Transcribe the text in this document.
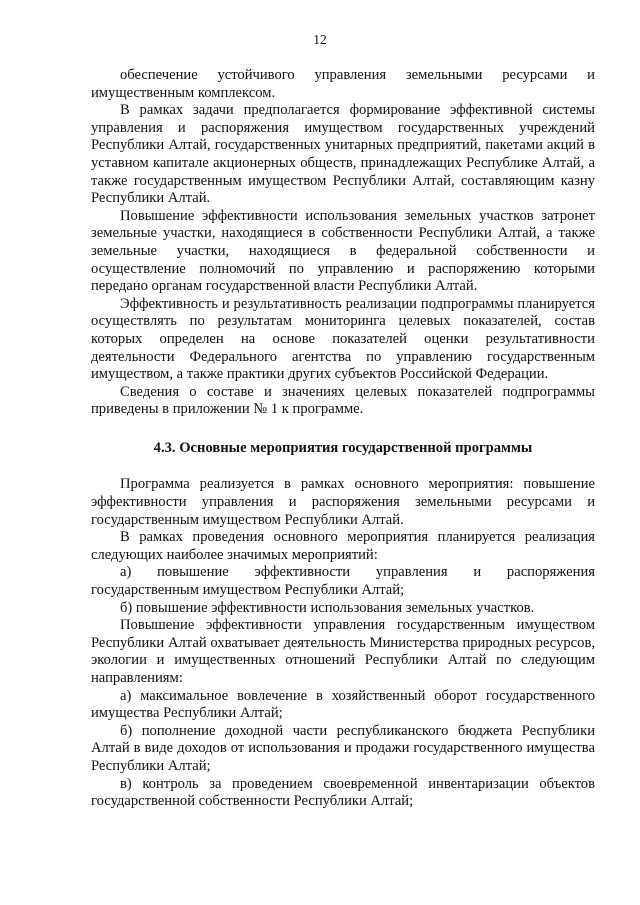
12

обеспечение устойчивого управления земельными ресурсами и имущественным комплексом.

В рамках задачи предполагается формирование эффективной системы управления и распоряжения имуществом государственных учреждений Республики Алтай, государственных унитарных предприятий, пакетами акций в уставном капитале акционерных обществ, принадлежащих Республике Алтай, а также государственным имуществом Республики Алтай, составляющим казну Республики Алтай.

Повышение эффективности использования земельных участков затронет земельные участки, находящиеся в собственности Республики Алтай, а также земельные участки, находящиеся в федеральной собственности и осуществление полномочий по управлению и распоряжению которыми передано органам государственной власти Республики Алтай.

Эффективность и результативность реализации подпрограммы планируется осуществлять по результатам мониторинга целевых показателей, состав которых определен на основе показателей оценки результативности деятельности Федерального агентства по управлению государственным имуществом, а также практики других субъектов Российской Федерации.

Сведения о составе и значениях целевых показателей подпрограммы приведены в приложении № 1 к программе.

4.3. Основные мероприятия государственной программы

Программа реализуется в рамках основного мероприятия: повышение эффективности управления и распоряжения земельными ресурсами и государственным имуществом Республики Алтай.

В рамках проведения основного мероприятия планируется реализация следующих наиболее значимых мероприятий:

а) повышение эффективности управления и распоряжения государственным имуществом Республики Алтай;

б) повышение эффективности использования земельных участков.

Повышение эффективности управления государственным имуществом Республики Алтай охватывает деятельность Министерства природных ресурсов, экологии и имущественных отношений Республики Алтай по следующим направлениям:

а) максимальное вовлечение в хозяйственный оборот государственного имущества Республики Алтай;

б) пополнение доходной части республиканского бюджета Республики Алтай в виде доходов от использования и продажи государственного имущества Республики Алтай;

в) контроль за проведением своевременной инвентаризации объектов государственной собственности Республики Алтай;
